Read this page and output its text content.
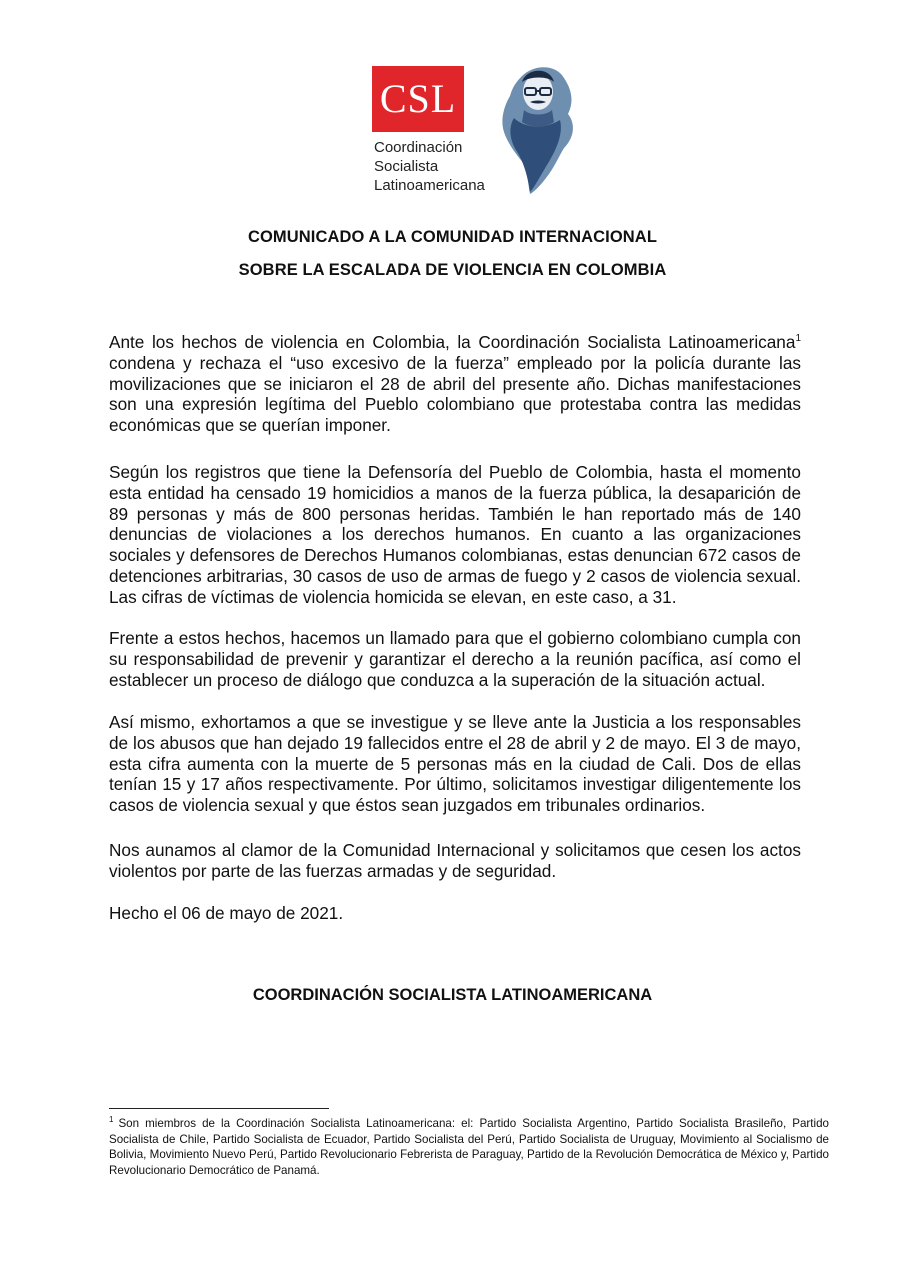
CSL
Coordinación
Socialista
Latinoamericana
COMUNICADO A LA COMUNIDAD INTERNACIONAL
SOBRE LA ESCALADA DE VIOLENCIA EN COLOMBIA
Ante los hechos de violencia en Colombia, la Coordinación Socialista Latinoamericana$^1$ condena y rechaza el “uso excesivo de la fuerza” empleado por la policía durante las movilizaciones que se iniciaron el 28 de abril del presente año. Dichas manifestaciones son una expresión legítima del Pueblo colombiano que protestaba contra las medidas económicas que se querían imponer.
Según los registros que tiene la Defensoría del Pueblo de Colombia, hasta el momento esta entidad ha censado 19 homicidios a manos de la fuerza pública, la desaparición de 89 personas y más de 800 personas heridas. También le han reportado más de 140 denuncias de violaciones a los derechos humanos. En cuanto a las organizaciones sociales y defensores de Derechos Humanos colombianas, estas denuncian 672 casos de detenciones arbitrarias, 30 casos de uso de armas de fuego y 2 casos de violencia sexual. Las cifras de víctimas de violencia homicida se elevan, en este caso, a 31.
Frente a estos hechos, hacemos un llamado para que el gobierno colombiano cumpla con su responsabilidad de prevenir y garantizar el derecho a la reunión pacífica, así como el establecer un proceso de diálogo que conduzca a la superación de la situación actual.
Así mismo, exhortamos a que se investigue y se lleve ante la Justicia a los responsables de los abusos que han dejado 19 fallecidos entre el 28 de abril y 2 de mayo. El 3 de mayo, esta cifra aumenta con la muerte de 5 personas más en la ciudad de Cali. Dos de ellas tenían 15 y 17 años respectivamente. Por último, solicitamos investigar diligentemente los casos de violencia sexual y que éstos sean juzgados em tribunales ordinarios.
Nos aunamos al clamor de la Comunidad Internacional y solicitamos que cesen los actos violentos por parte de las fuerzas armadas y de seguridad.
Hecho el 06 de mayo de 2021.
COORDINACIÓN SOCIALISTA LATINOAMERICANA
$^1$ Son miembros de la Coordinación Socialista Latinoamericana: el: Partido Socialista Argentino, Partido Socialista Brasileño, Partido Socialista de Chile, Partido Socialista de Ecuador, Partido Socialista del Perú, Partido Socialista de Uruguay, Movimiento al Socialismo de Bolivia, Movimiento Nuevo Perú, Partido Revolucionario Febrerista de Paraguay, Partido de la Revolución Democrática de México y, Partido Revolucionario Democrático de Panamá.
